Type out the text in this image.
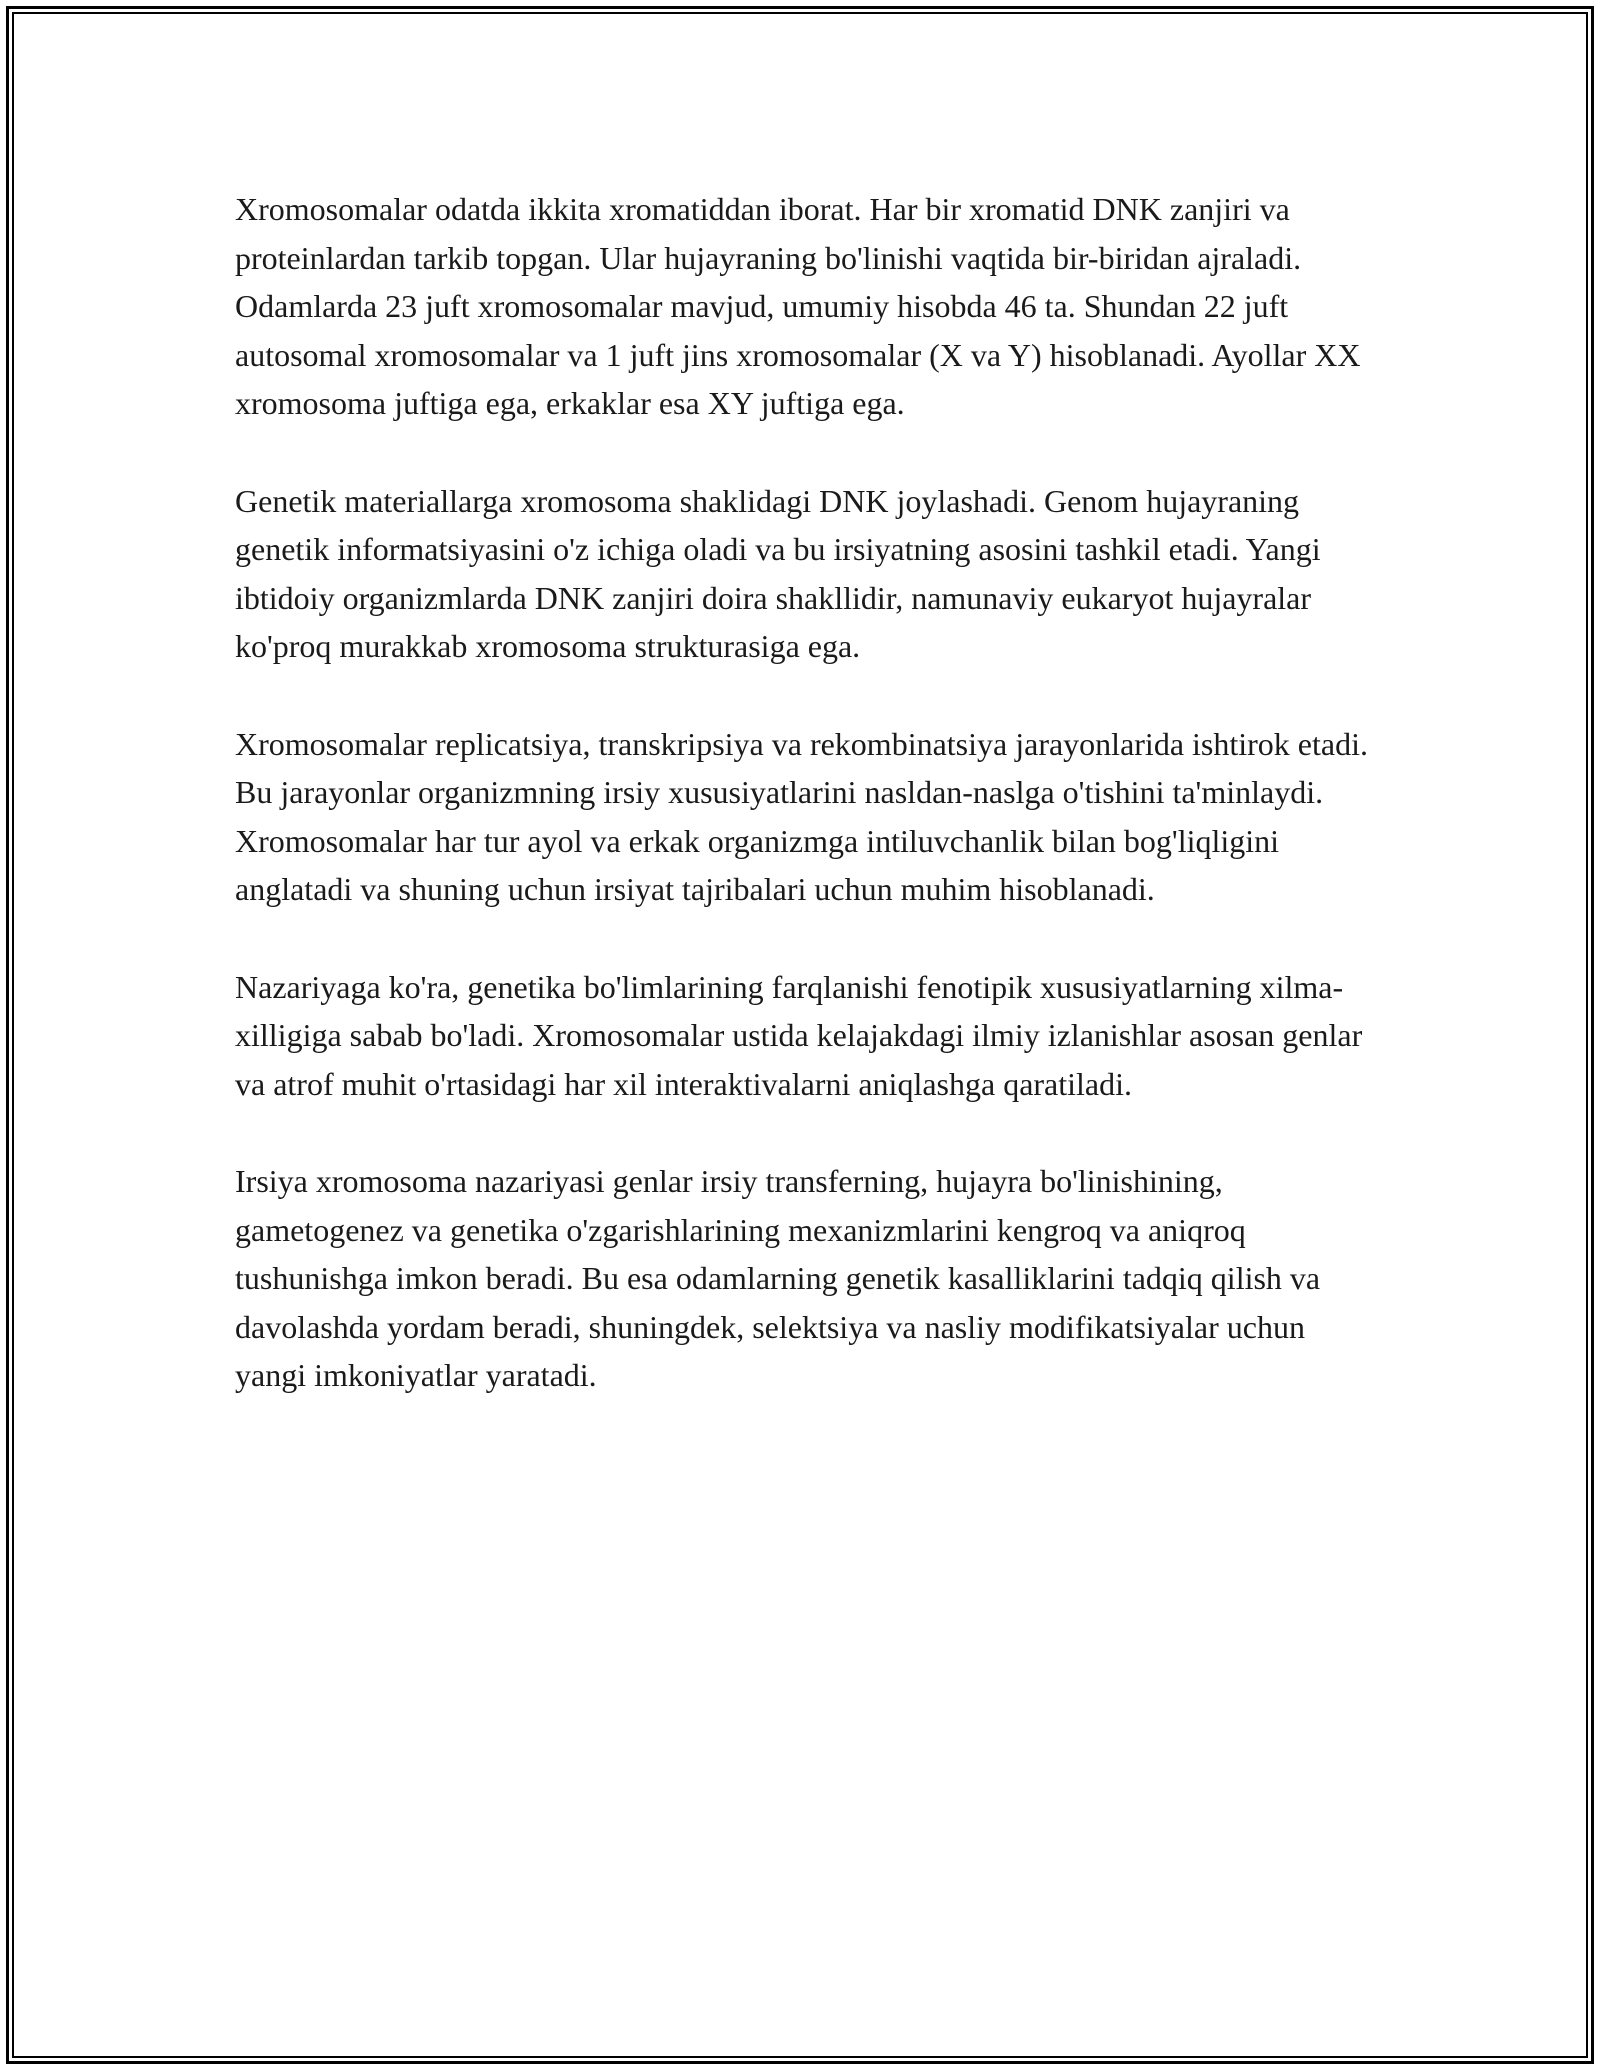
Xromosomalar odatda ikkita xromatiddan iborat. Har bir xromatid DNK zanjiri va proteinlardan tarkib topgan. Ular hujayraning bo'linishi vaqtida bir-biridan ajraladi. Odamlarda 23 juft xromosomalar mavjud, umumiy hisobda 46 ta. Shundan 22 juft autosomal xromosomalar va 1 juft jins xromosomalar (X va Y) hisoblanadi. Ayollar XX xromosoma juftiga ega, erkaklar esa XY juftiga ega.

Genetik materiallarga xromosoma shaklidagi DNK joylashadi. Genom hujayraning genetik informatsiyasini o'z ichiga oladi va bu irsiyatning asosini tashkil etadi. Yangi ibtidoiy organizmlarda DNK zanjiri doira shakllidir, namunaviy eukaryot hujayralar ko'proq murakkab xromosoma strukturasiga ega.

Xromosomalar replicatsiya, transkripsiya va rekombinatsiya jarayonlarida ishtirok etadi. Bu jarayonlar organizmning irsiy xususiyatlarini nasldan-naslga o'tishini ta'minlaydi. Xromosomalar har tur ayol va erkak organizmga intiluvchanlik bilan bog'liqligini anglatadi va shuning uchun irsiyat tajribalari uchun muhim hisoblanadi.

Nazariyaga ko'ra, genetika bo'limlarining farqlanishi fenotipik xususiyatlarning xilma-xilligiga sabab bo'ladi. Xromosomalar ustida kelajakdagi ilmiy izlanishlar asosan genlar va atrof muhit o'rtasidagi har xil interaktivalarni aniqlashga qaratiladi.

Irsiya xromosoma nazariyasi genlar irsiy transferning, hujayra bo'linishining, gametogenez va genetika o'zgarishlarining mexanizmlarini kengroq va aniqroq tushunishga imkon beradi. Bu esa odamlarning genetik kasalliklarini tadqiq qilish va davolashda yordam beradi, shuningdek, selektsiya va nasliy modifikatsiyalar uchun yangi imkoniyatlar yaratadi.
